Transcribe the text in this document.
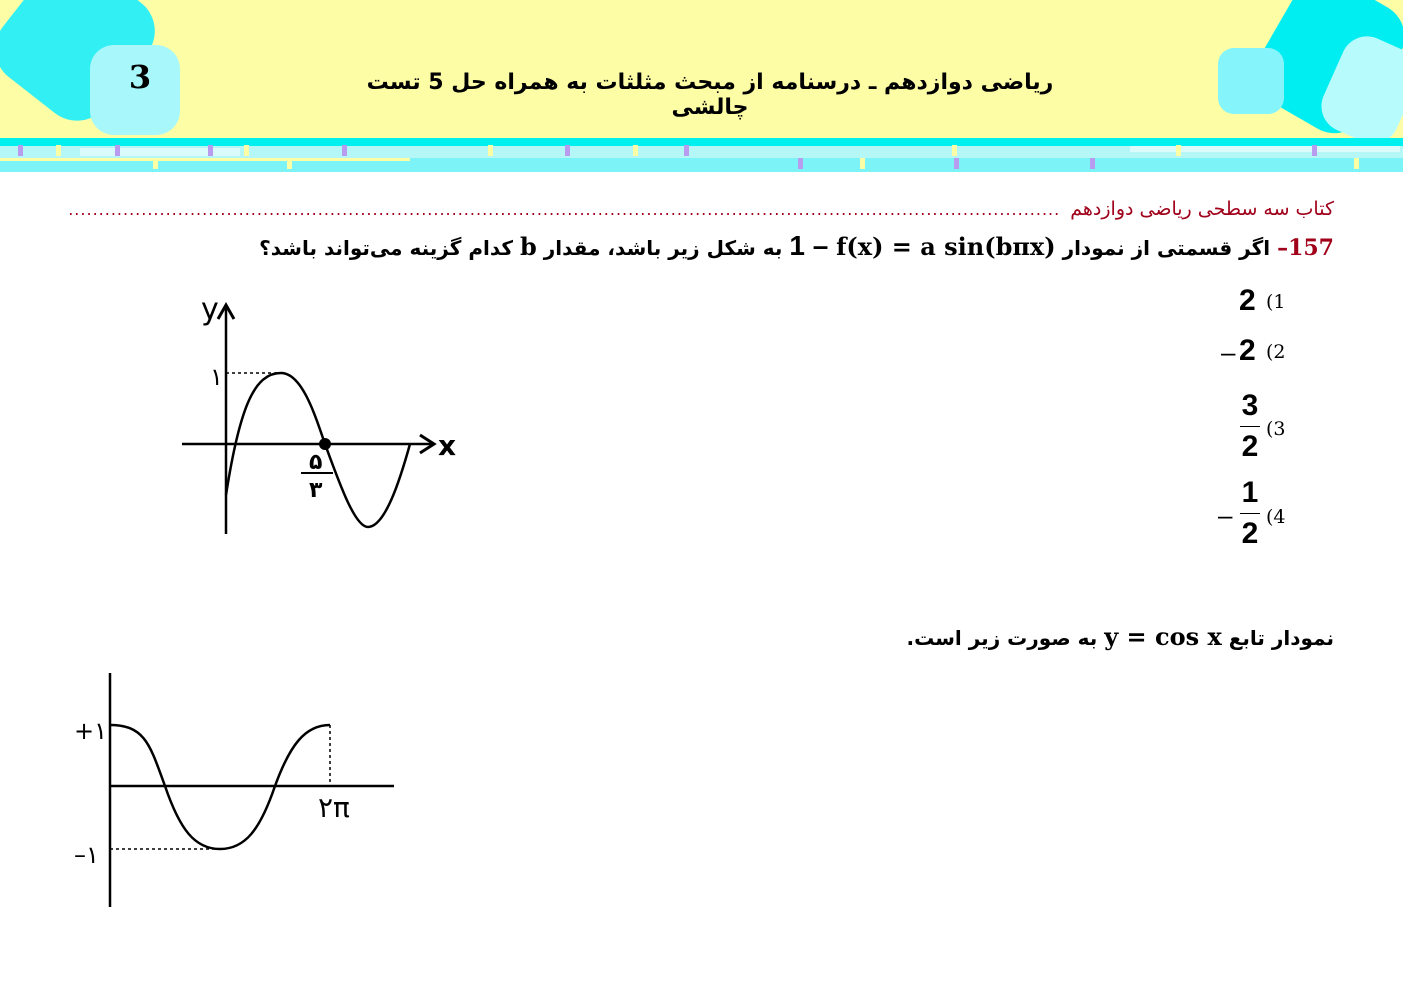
3	ریاضی دوازدهم ـ درسنامه از مبحث مثلثات به همراه حل 5 تست چالشی
کتاب سه سطحی ریاضی دوازدهم
...................................................................................................................................................................
157– اگر قسمتی از نمودار 1 – f(x) = a sin(bπx) به شکل زیر باشد، مقدار b کدام گزینه می‌تواند باشد؟
2 (1
– 2 (2
3
2
(3
–
1
2 (4
y
x
۱
۵
۳
نمودار تابع y = cos x به صورت زیر است.
+۱
–۱
۲π
